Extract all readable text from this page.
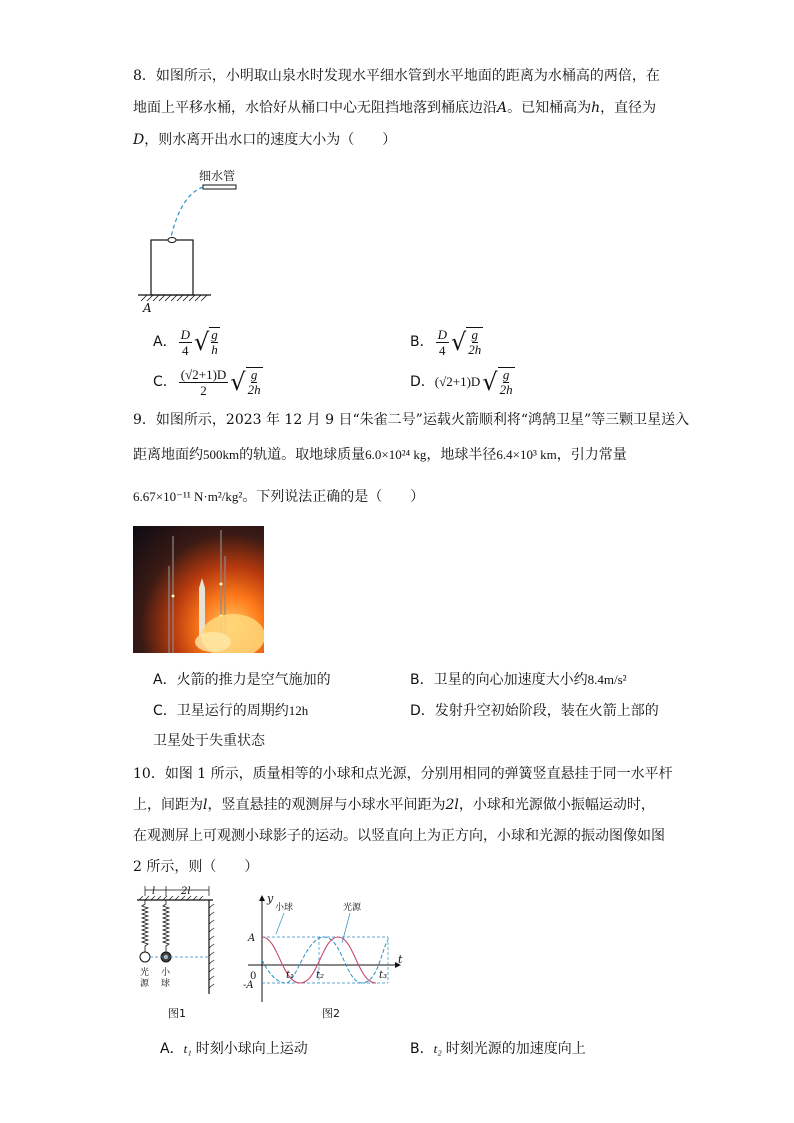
8．如图所示，小明取山泉水时发现水平细水管到水平地面的距离为水桶高的两倍，在
地面上平移水桶，水恰好从桶口中心无阻挡地落到桶底边沿A。已知桶高为h，直径为
D，则水离开出水口的速度大小为（　　）
细水管
A
A． $\frac{D}{4}$ √ $\frac{g}{h}$	B． $\frac{D}{4}$ √ $\frac{g}{2h}$
C． $\frac{(√2+1)D}{2}$ √ $\frac{g}{2h}$	D． (√2+1)D √ $\frac{g}{2h}$
9．如图所示，2023 年 12 月 9 日“朱雀二号”运载火箭顺利将“鸿鹄卫星”等三颗卫星送入
距离地面约500km的轨道。取地球质量6.0×10²⁴ kg，地球半径6.4×10³ km，引力常量
6.67×10⁻¹¹ N·m²/kg²。下列说法正确的是（　　）
A．火箭的推力是空气施加的	B．卫星的向心加速度大小约8.4m/s²
C．卫星运行的周期约12h	D．发射升空初始阶段，装在火箭上部的
卫星处于失重状态
10．如图 1 所示，质量相等的小球和点光源，分别用相同的弹簧竖直悬挂于同一水平杆
上，间距为l，竖直悬挂的观测屏与小球水平间距为2l，小球和光源做小振幅运动时，
在观测屏上可观测小球影子的运动。以竖直向上为正方向，小球和光源的振动图像如图
2 所示，则（　　）
l	2l
光
源
小
球
图1
y
t
0
A
-A
小球	光源
t₁ t₂	t₃
图2
A．t₁ 时刻小球向上运动	B．t₂ 时刻光源的加速度向上
